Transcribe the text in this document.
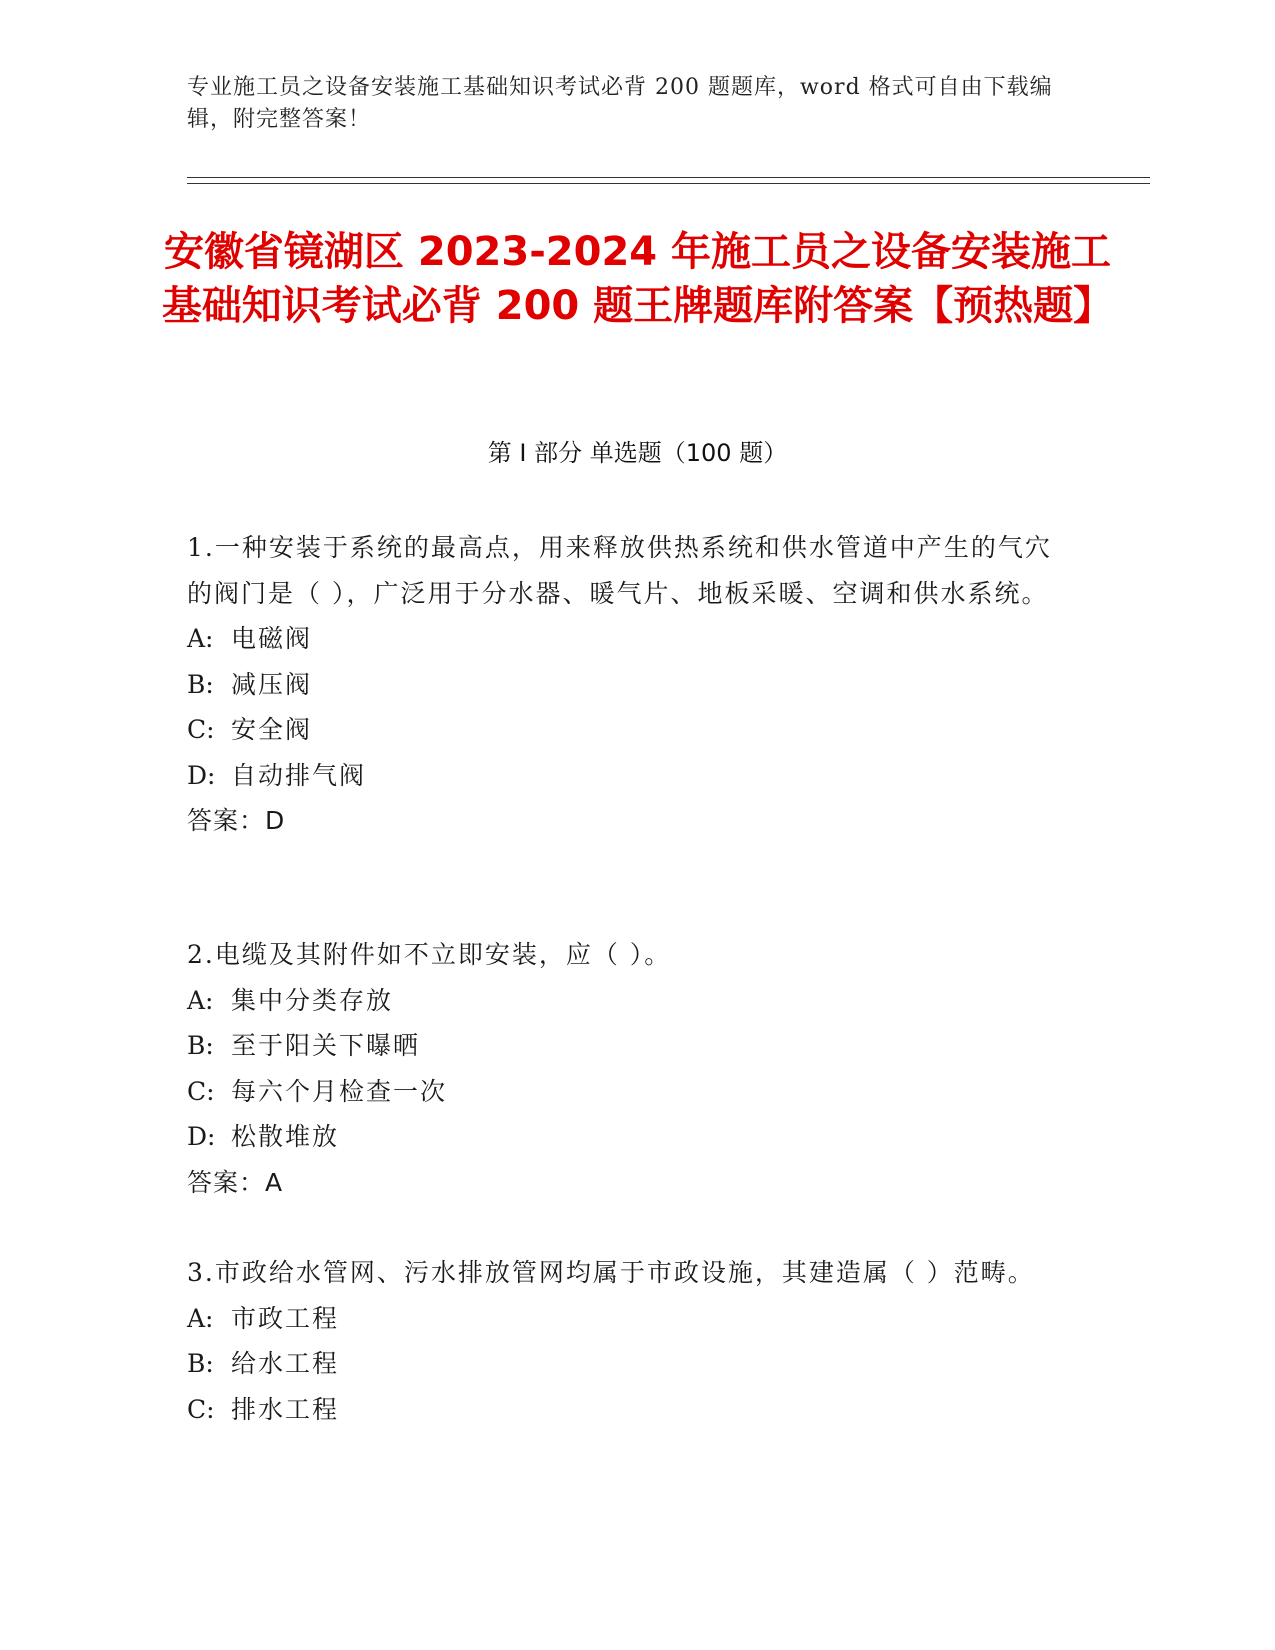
专业施工员之设备安装施工基础知识考试必背 200 题题库，word 格式可自由下载编辑，附完整答案！
安徽省镜湖区 2023-2024 年施工员之设备安装施工基础知识考试必背 200 题王牌题库附答案【预热题】
第 I 部分 单选题（100 题）

1.一种安装于系统的最高点，用来释放供热系统和供水管道中产生的气穴的阀门是（ ），广泛用于分水器、暖气片、地板采暖、空调和供水系统。

A: 电磁阀

B: 减压阀

C: 安全阀

D: 自动排气阀

答案：D

2.电缆及其附件如不立即安装，应（ ）。

A: 集中分类存放

B: 至于阳关下曝晒

C: 每六个月检查一次

D: 松散堆放

答案：A

3.市政给水管网、污水排放管网均属于市政设施，其建造属（ ）范畴。

A: 市政工程

B: 给水工程

C: 排水工程
